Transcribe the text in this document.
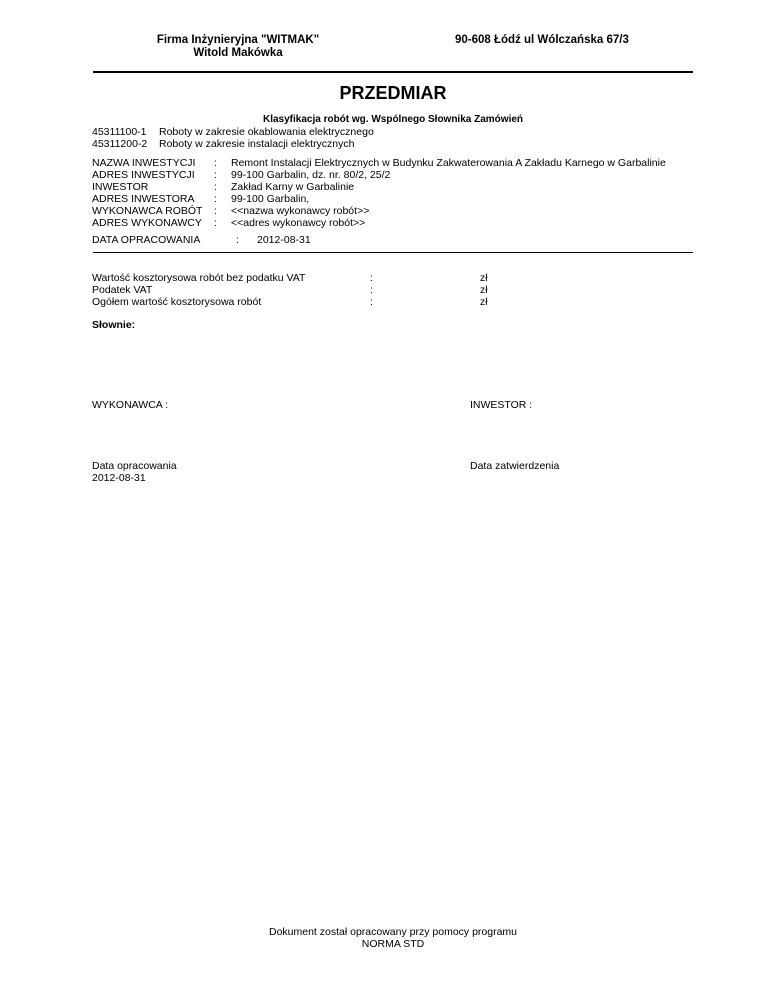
Firma Inżynieryjna "WITMAK"
Witold Makówka
90-608 Łódź ul Wólczańska 67/3
PRZEDMIAR
Klasyfikacja robót wg. Wspólnego Słownika Zamówień
45311100-1 Roboty w zakresie okablowania elektrycznego
45311200-2 Roboty w zakresie instalacji elektrycznych
NAZWA INWESTYCJI : Remont Instalacji Elektrycznych w Budynku Zakwaterowania A Zakładu Karnego w Garbalinie
ADRES INWESTYCJI : 99-100 Garbalin, dz. nr. 80/2, 25/2
INWESTOR	: Zakład Karny w Garbalinie
ADRES INWESTORA : 99-100 Garbalin,
WYKONAWCA ROBÓT : <<nazwa wykonawcy robót>>
ADRES WYKONAWCY : <<adres wykonawcy robót>>
DATA OPRACOWANIA	: 2012-08-31
Wartość kosztorysowa robót bez podatku VAT	:	zł
Podatek VAT	:	zł
Ogółem wartość kosztorysowa robót	:	zł
Słownie:
WYKONAWCA :	INWESTOR :
Data opracowania
2012-08-31
Data zatwierdzenia
Dokument został opracowany przy pomocy programu
NORMA STD
